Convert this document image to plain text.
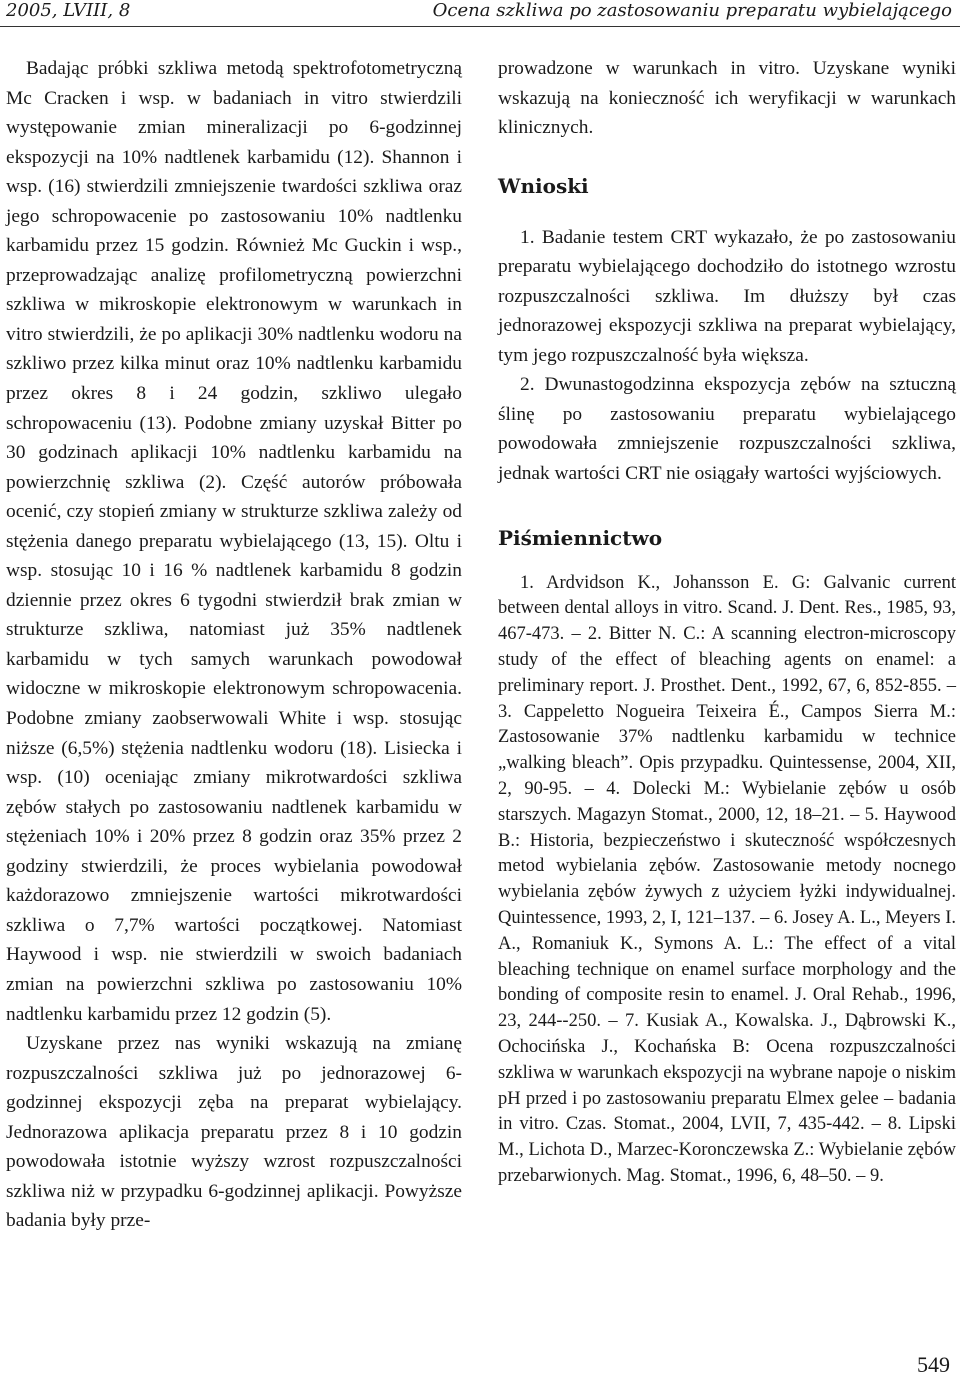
2005, LVIII, 8	Ocena szkliwa po zastosowaniu preparatu wybielającego

Badając próbki szkliwa metodą spektrofotometryczną Mc Cracken i wsp. w badaniach in vitro stwierdzili występowanie zmian mineralizacji po 6-godzinnej ekspozycji na 10% nadtlenek karbamidu (12). Shannon i wsp. (16) stwierdzili zmniejszenie twardości szkliwa oraz jego schropowacenie po zastosowaniu 10% nadtlenku karbamidu przez 15 godzin. Również Mc Guckin i wsp., przeprowadzając analizę profilometryczną powierzchni szkliwa w mikroskopie elektronowym w warunkach in vitro stwierdzili, że po aplikacji 30% nadtlenku wodoru na szkliwo przez kilka minut oraz 10% nadtlenku karbamidu przez okres 8 i 24 godzin, szkliwo ulegało schropowaceniu (13). Podobne zmiany uzyskał Bitter po 30 godzinach aplikacji 10% nadtlenku karbamidu na powierzchnię szkliwa (2). Część autorów próbowała ocenić, czy stopień zmiany w strukturze szkliwa zależy od stężenia danego preparatu wybielającego (13, 15). Oltu i wsp. stosując 10 i 16 % nadtlenek karbamidu 8 godzin dziennie przez okres 6 tygodni stwierdził brak zmian w strukturze szkliwa, natomiast już 35% nadtlenek karbamidu w tych samych warunkach powodował widoczne w mikroskopie elektronowym schropowacenia. Podobne zmiany zaobserwowali White i wsp. stosując niższe (6,5%) stężenia nadtlenku wodoru (18). Lisiecka i wsp. (10) oceniając zmiany mikrotwardości szkliwa zębów stałych po zastosowaniu nadtlenek karbamidu w stężeniach 10% i 20% przez 8 godzin oraz 35% przez 2 godziny stwierdzili, że proces wybielania powodował każdorazowo zmniejszenie wartości mikrotwardości szkliwa o 7,7% wartości początkowej. Natomiast Haywood i wsp. nie stwierdzili w swoich badaniach zmian na powierzchni szkliwa po zastosowaniu 10% nadtlenku karbamidu przez 12 godzin (5).

Uzyskane przez nas wyniki wskazują na zmianę rozpuszczalności szkliwa już po jednorazowej 6-godzinnej ekspozycji zęba na preparat wybielający. Jednorazowa aplikacja preparatu przez 8 i 10 godzin powodowała istotnie wyższy wzrost rozpuszczalności szkliwa niż w przypadku 6-godzinnej aplikacji. Powyższe badania były prze-

prowadzone w warunkach in vitro. Uzyskane wyniki wskazują na konieczność ich weryfikacji w warunkach klinicznych.

Wnioski

1. Badanie testem CRT wykazało, że po zastosowaniu preparatu wybielającego dochodziło do istotnego wzrostu rozpuszczalności szkliwa. Im dłuższy był czas jednorazowej ekspozycji szkliwa na preparat wybielający, tym jego rozpuszczalność była większa.

2. Dwunastogodzinna ekspozycja zębów na sztuczną ślinę po zastosowaniu preparatu wybielającego powodowała zmniejszenie rozpuszczalności szkliwa, jednak wartości CRT nie osiągały wartości wyjściowych.

Piśmiennictwo

1. Ardvidson K., Johansson E. G: Galvanic current between dental alloys in vitro. Scand. J. Dent. Res., 1985, 93, 467-473. – 2. Bitter N. C.: A scanning electron-microscopy study of the effect of bleaching agents on enamel: a preliminary report. J. Prosthet. Dent., 1992, 67, 6, 852-855. – 3. Cappeletto Nogueira Teixeira É., Campos Sierra M.: Zastosowanie 37% nadtlenku karbamidu w technice „walking bleach”. Opis przypadku. Quintessense, 2004, XII, 2, 90-95. – 4. Dolecki M.: Wybielanie zębów u osób starszych. Magazyn Stomat., 2000, 12, 18–21. – 5. Haywood B.: Historia, bezpieczeństwo i skuteczność współczesnych metod wybielania zębów. Zastosowanie metody nocnego wybielania zębów żywych z użyciem łyżki indywidualnej. Quintessence, 1993, 2, I, 121–137. – 6. Josey A. L., Meyers I. A., Romaniuk K., Symons A. L.: The effect of a vital bleaching technique on enamel surface morphology and the bonding of composite resin to enamel. J. Oral Rehab., 1996, 23, 244--250. – 7. Kusiak A., Kowalska. J., Dąbrowski K., Ochocińska J., Kochańska B: Ocena rozpuszczalności szkliwa w warunkach ekspozycji na wybrane napoje o niskim pH przed i po zastosowaniu preparatu Elmex gelee – badania in vitro. Czas. Stomat., 2004, LVII, 7, 435-442. – 8. Lipski M., Lichota D., Marzec-Koronczewska Z.: Wybielanie zębów przebarwionych. Mag. Stomat., 1996, 6, 48–50. – 9.

549
